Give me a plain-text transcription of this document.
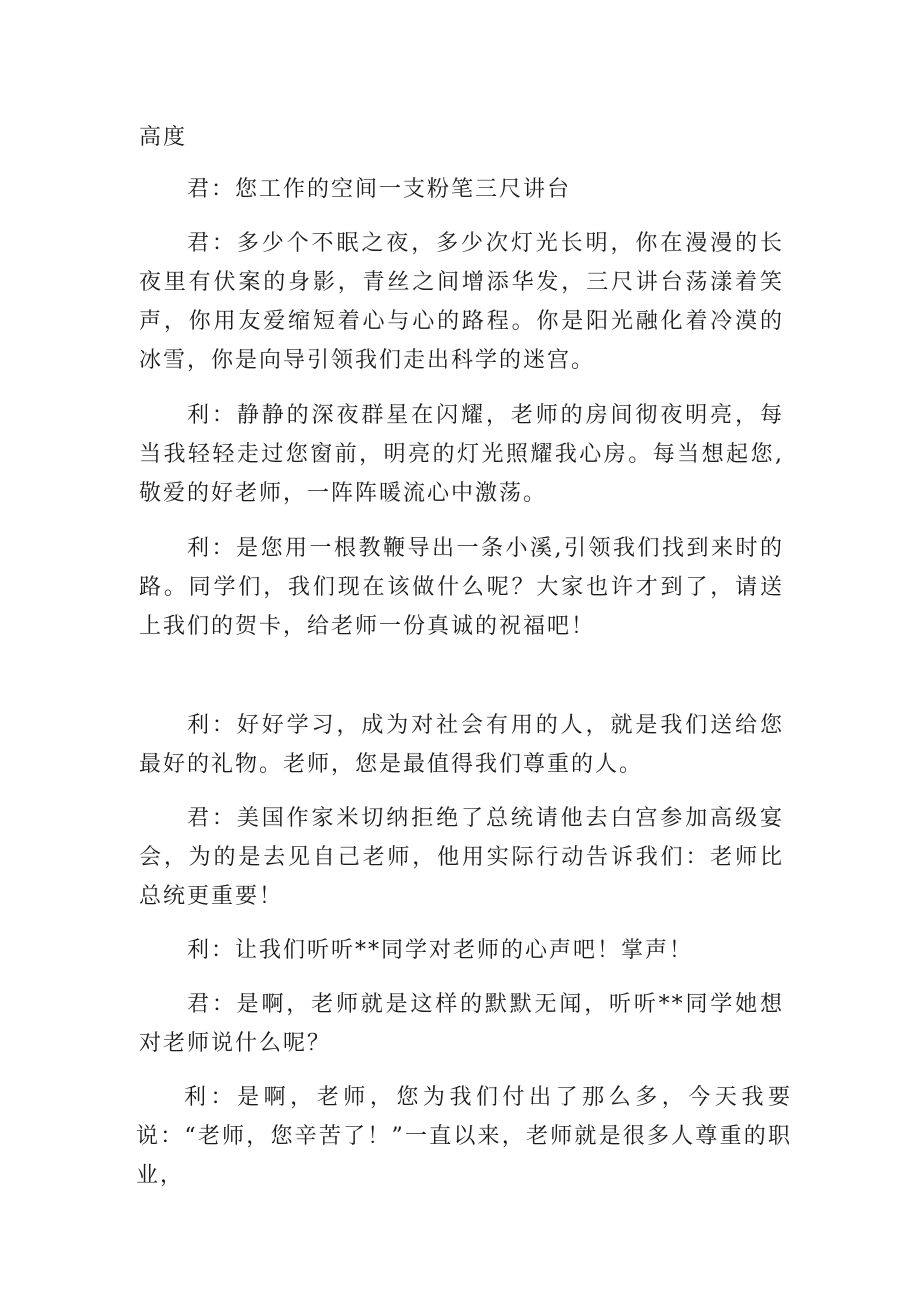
高度

君：您工作的空间一支粉笔三尺讲台

君：多少个不眠之夜，多少次灯光长明，你在漫漫的长夜里有伏案的身影，青丝之间增添华发，三尺讲台荡漾着笑声，你用友爱缩短着心与心的路程。你是阳光融化着冷漠的冰雪，你是向导引领我们走出科学的迷宫。

利：静静的深夜群星在闪耀，老师的房间彻夜明亮，每当我轻轻走过您窗前，明亮的灯光照耀我心房。每当想起您,敬爱的好老师，一阵阵暖流心中激荡。

利：是您用一根教鞭导出一条小溪,引领我们找到来时的路。同学们，我们现在该做什么呢？大家也许才到了，请送上我们的贺卡，给老师一份真诚的祝福吧！

利：好好学习，成为对社会有用的人，就是我们送给您最好的礼物。老师，您是最值得我们尊重的人。

君：美国作家米切纳拒绝了总统请他去白宫参加高级宴会，为的是去见自己老师，他用实际行动告诉我们：老师比总统更重要！

利：让我们听听**同学对老师的心声吧！掌声！

君：是啊，老师就是这样的默默无闻，听听**同学她想对老师说什么呢？

利：是啊，老师，您为我们付出了那么多，今天我要说：“老师，您辛苦了！”一直以来，老师就是很多人尊重的职业，
